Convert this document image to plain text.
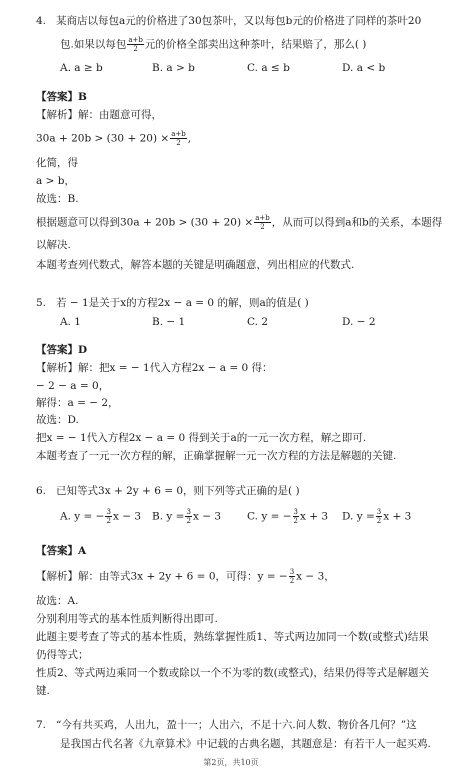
4. 某商店以每包a元的价格进了30包茶叶，又以每包b元的价格进了同样的茶叶20
包.如果以每包 $\frac{a+b}{2}$ 元的价格全部卖出这种茶叶，结果赔了，那么( )
A. a ≥ b	B. a > b	C. a ≤ b	D. a < b
【答案】B
【解析】解：由题意可得，
$30a + 20b > (30 + 20) \times \frac{a+b}{2}$ ,
化简，得
a > b，
故选：B.
根据题意可以得到$30a + 20b > (30 + 20) \times \frac{a+b}{2}$ ，从而可以得到a和b的关系，本题得
以解决.
本题考查列代数式，解答本题的关键是明确题意，列出相应的代数式.
5. 若 − 1是关于x的方程2x − a = 0 的解，则a的值是( )
A. 1	B. − 1	C. 2	D. − 2
【答案】D
【解析】解：把x = − 1代入方程2x − a = 0 得：
− 2 − a = 0，
解得：a = − 2，
故选：D.
把x = − 1代入方程2x − a = 0 得到关于a的一元一次方程，解之即可.
本题考查了一元一次方程的解，正确掌握解一元一次方程的方法是解题的关键.
6. 已知等式3x + 2y + 6 = 0，则下列等式正确的是( )
A. y = − $\frac{3}{2}$ x − 3 B. $y = \frac{3}{2}$ x − 3 C. y = − $\frac{3}{2}$ x + 3 D. $y = \frac{3}{2}$ x + 3
【答案】A
【解析】解：由等式3x + 2y + 6 = 0，可得：y = − $\frac{3}{2}$ x − 3，
故选：A.
分别利用等式的基本性质判断得出即可.
此题主要考查了等式的基本性质，熟练掌握性质1、等式两边加同一个数(或整式)结果
仍得等式；
性质2、等式两边乘同一个数或除以一个不为零的数(或整式)，结果仍得等式是解题关
键.
7. “今有共买鸡，人出九，盈十一；人出六，不足十六.问人数、物价各几何？”这
是我国古代名著《九章算术》中记载的古典名题，其题意是：有若干人一起买鸡.
第2页，共10页
